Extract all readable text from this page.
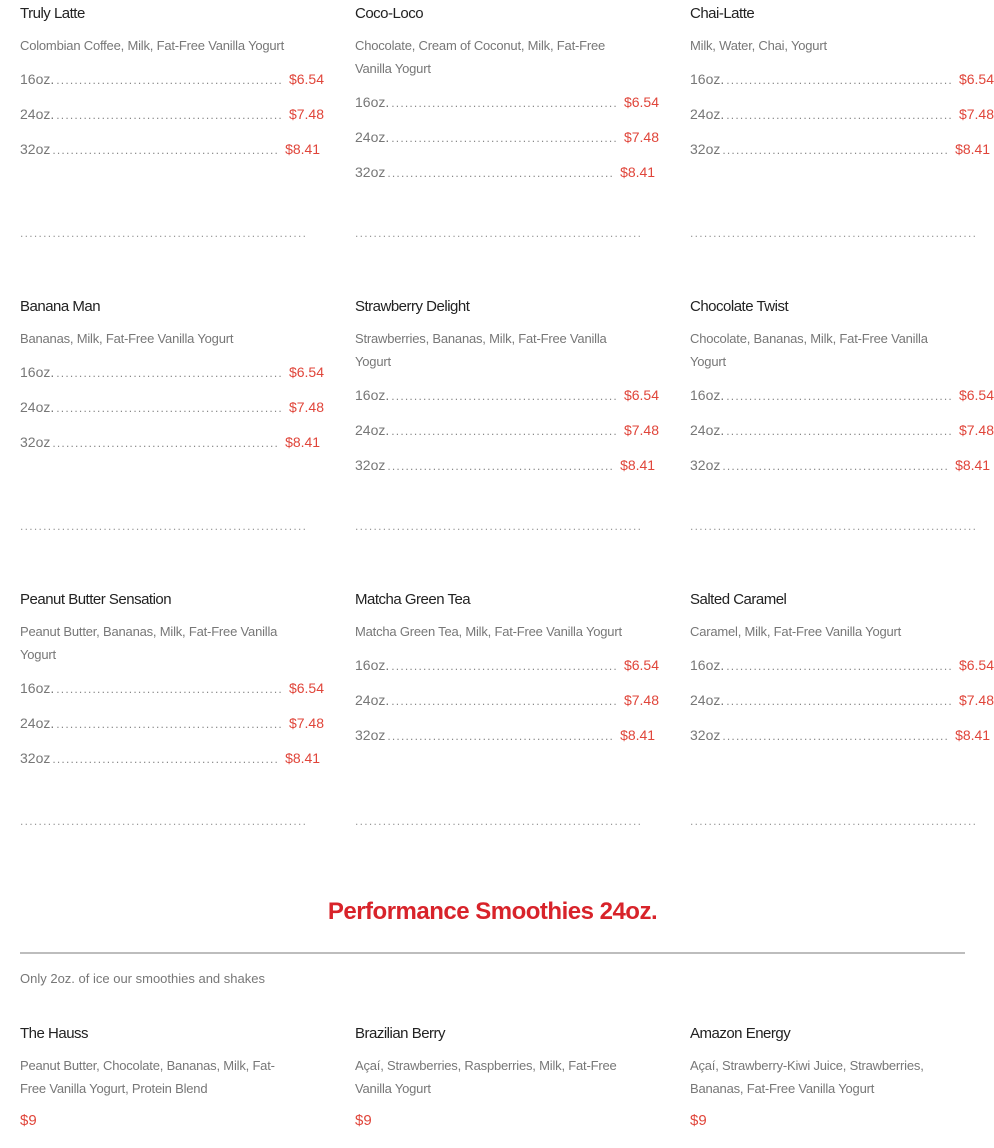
Truly Latte
Colombian Coffee, Milk, Fat-Free Vanilla Yogurt
16oz. .................................................. $6.54
24oz. .................................................. $7.48
32oz .................................................. $8.41
..............................................................
Coco-Loco
Chocolate, Cream of Coconut, Milk, Fat-Free Vanilla Yogurt
16oz. .................................................. $6.54
24oz. .................................................. $7.48
32oz .................................................. $8.41
..............................................................
Chai-Latte
Milk, Water, Chai, Yogurt
16oz. .................................................. $6.54
24oz. .................................................. $7.48
32oz .................................................. $8.41
..............................................................
Banana Man
Bananas, Milk, Fat-Free Vanilla Yogurt
16oz. .................................................. $6.54
24oz. .................................................. $7.48
32oz .................................................. $8.41
..............................................................
Strawberry Delight
Strawberries, Bananas, Milk, Fat-Free Vanilla Yogurt
16oz. .................................................. $6.54
24oz. .................................................. $7.48
32oz .................................................. $8.41
..............................................................
Chocolate Twist
Chocolate, Bananas, Milk, Fat-Free Vanilla Yogurt
16oz. .................................................. $6.54
24oz. .................................................. $7.48
32oz .................................................. $8.41
..............................................................
Peanut Butter Sensation
Peanut Butter, Bananas, Milk, Fat-Free Vanilla Yogurt
16oz. .................................................. $6.54
24oz. .................................................. $7.48
32oz .................................................. $8.41
..............................................................
Matcha Green Tea
Matcha Green Tea, Milk, Fat-Free Vanilla Yogurt
16oz. .................................................. $6.54
24oz. .................................................. $7.48
32oz .................................................. $8.41
..............................................................
Salted Caramel
Caramel, Milk, Fat-Free Vanilla Yogurt
16oz. .................................................. $6.54
24oz. .................................................. $7.48
32oz .................................................. $8.41
..............................................................
Performance Smoothies 24oz.
Only 2oz. of ice our smoothies and shakes
The Hauss
Peanut Butter, Chocolate, Bananas, Milk, Fat-Free Vanilla Yogurt, Protein Blend
$9
Brazilian Berry
Açaí, Strawberries, Raspberries, Milk, Fat-Free Vanilla Yogurt
$9
Amazon Energy
Açaí, Strawberry-Kiwi Juice, Strawberries, Bananas, Fat-Free Vanilla Yogurt
$9
